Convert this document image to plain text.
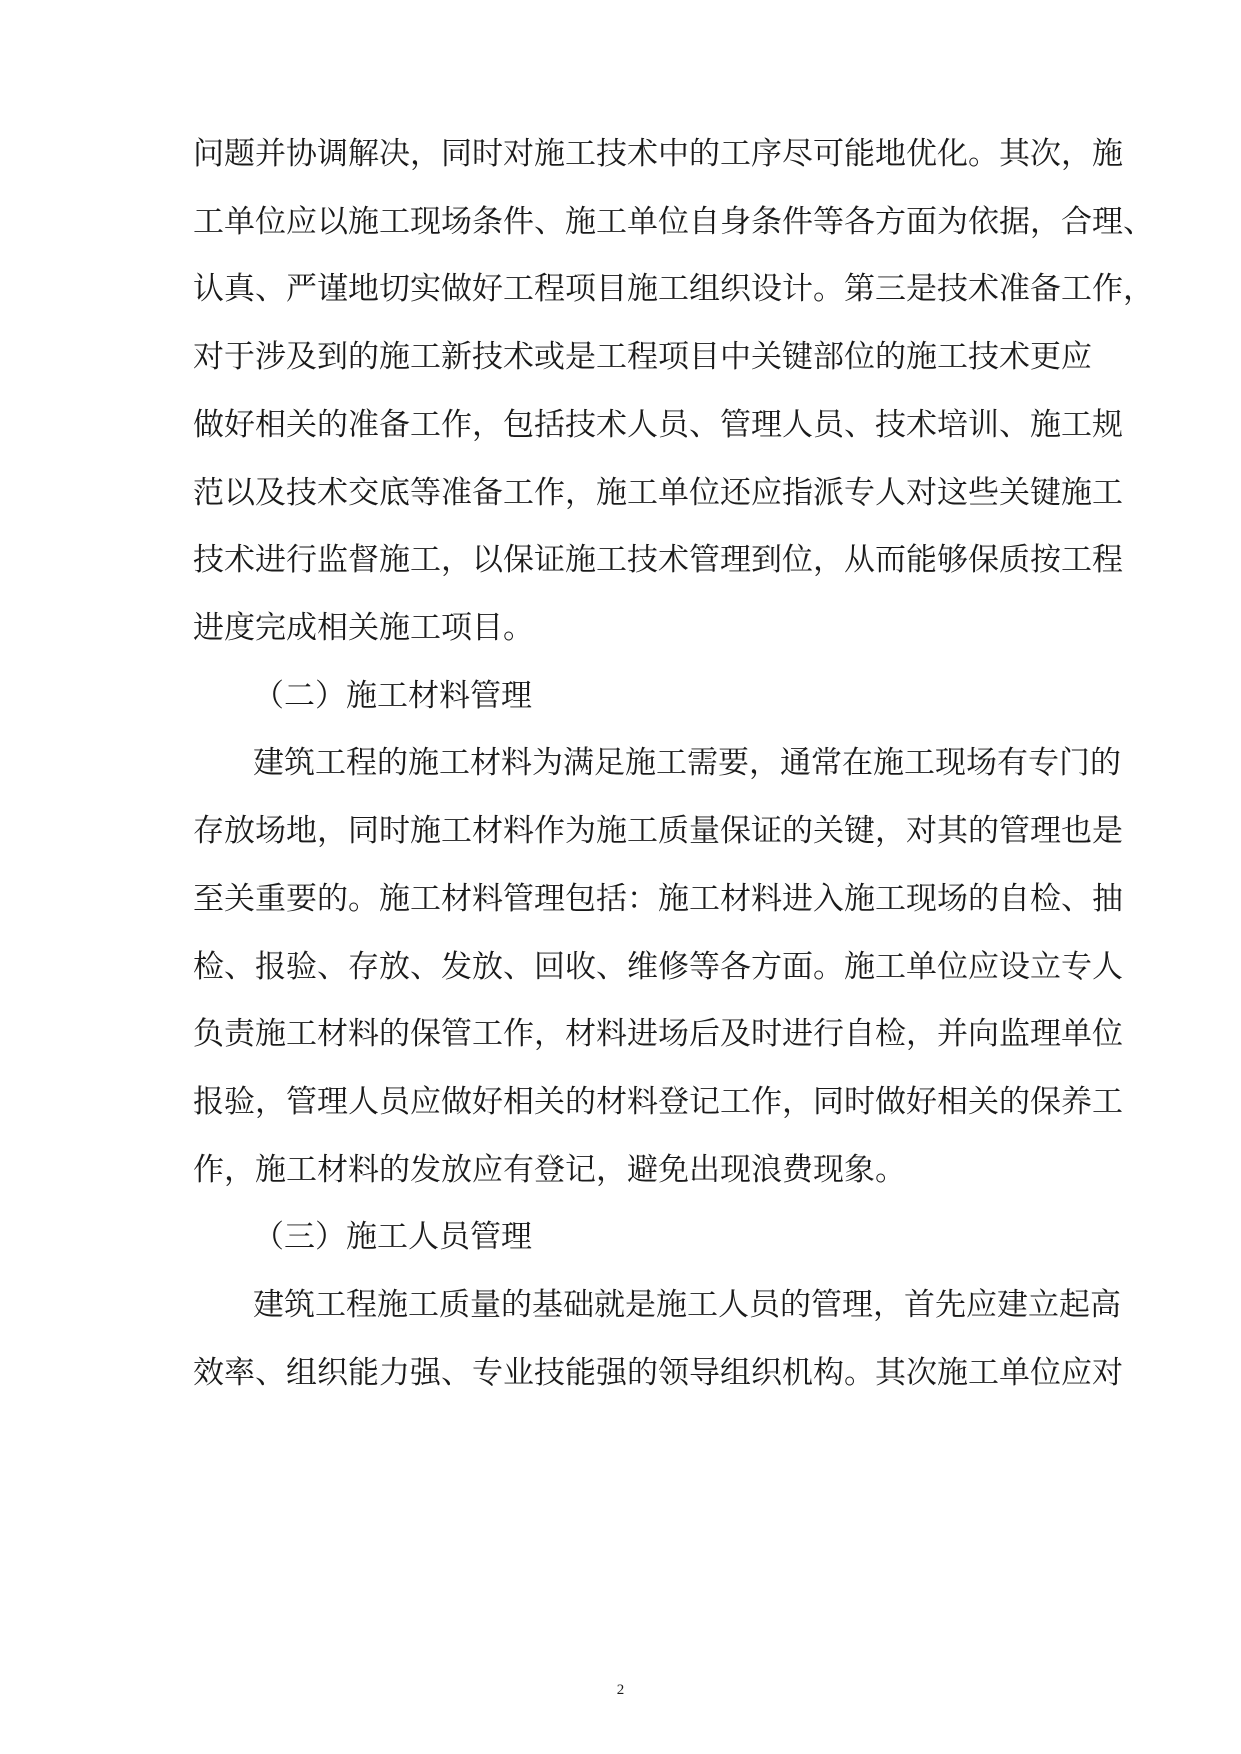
问题并协调解决，同时对施工技术中的工序尽可能地优化。其次，施

工单位应以施工现场条件、施工单位自身条件等各方面为依据，合理、

认真、严谨地切实做好工程项目施工组织设计。第三是技术准备工作，

对于涉及到的施工新技术或是工程项目中关键部位的施工技术更应

做好相关的准备工作，包括技术人员、管理人员、技术培训、施工规

范以及技术交底等准备工作，施工单位还应指派专人对这些关键施工

技术进行监督施工，以保证施工技术管理到位，从而能够保质按工程

进度完成相关施工项目。

（二）施工材料管理

建筑工程的施工材料为满足施工需要，通常在施工现场有专门的

存放场地，同时施工材料作为施工质量保证的关键，对其的管理也是

至关重要的。施工材料管理包括：施工材料进入施工现场的自检、抽

检、报验、存放、发放、回收、维修等各方面。施工单位应设立专人

负责施工材料的保管工作，材料进场后及时进行自检，并向监理单位

报验，管理人员应做好相关的材料登记工作，同时做好相关的保养工

作，施工材料的发放应有登记，避免出现浪费现象。

（三）施工人员管理

建筑工程施工质量的基础就是施工人员的管理，首先应建立起高

效率、组织能力强、专业技能强的领导组织机构。其次施工单位应对

2
